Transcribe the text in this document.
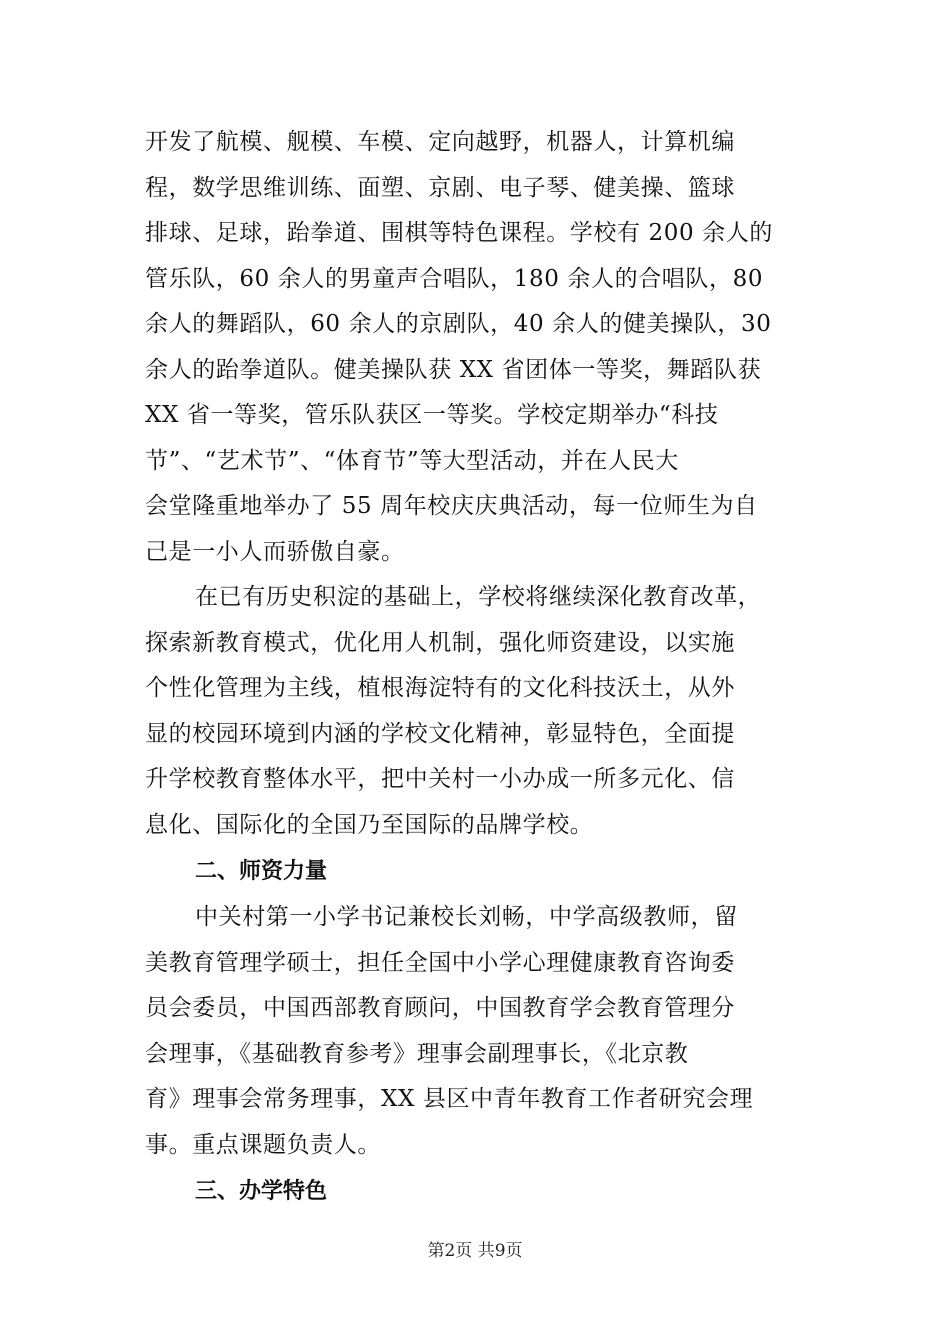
开发了航模、舰模、车模、定向越野，机器人，计算机编
程，数学思维训练、面塑、京剧、电子琴、健美操、篮球
排球、足球，跆拳道、围棋等特色课程。学校有 200 余人的
管乐队，60 余人的男童声合唱队，180 余人的合唱队，80
余人的舞蹈队，60 余人的京剧队，40 余人的健美操队，30
余人的跆拳道队。健美操队获 XX 省团体一等奖，舞蹈队获
XX 省一等奖，管乐队获区一等奖。学校定期举办“科技
节”、“艺术节”、“体育节”等大型活动，并在人民大
会堂隆重地举办了 55 周年校庆庆典活动，每一位师生为自
己是一小人而骄傲自豪。
在已有历史积淀的基础上，学校将继续深化教育改革，
探索新教育模式，优化用人机制，强化师资建设，以实施
个性化管理为主线，植根海淀特有的文化科技沃土，从外
显的校园环境到内涵的学校文化精神，彰显特色，全面提
升学校教育整体水平，把中关村一小办成一所多元化、信
息化、国际化的全国乃至国际的品牌学校。
二、师资力量
中关村第一小学书记兼校长刘畅，中学高级教师，留
美教育管理学硕士，担任全国中小学心理健康教育咨询委
员会委员，中国西部教育顾问，中国教育学会教育管理分
会理事，《基础教育参考》理事会副理事长，《北京教
育》理事会常务理事，XX 县区中青年教育工作者研究会理
事。重点课题负责人。
三、办学特色
第2页 共9页
